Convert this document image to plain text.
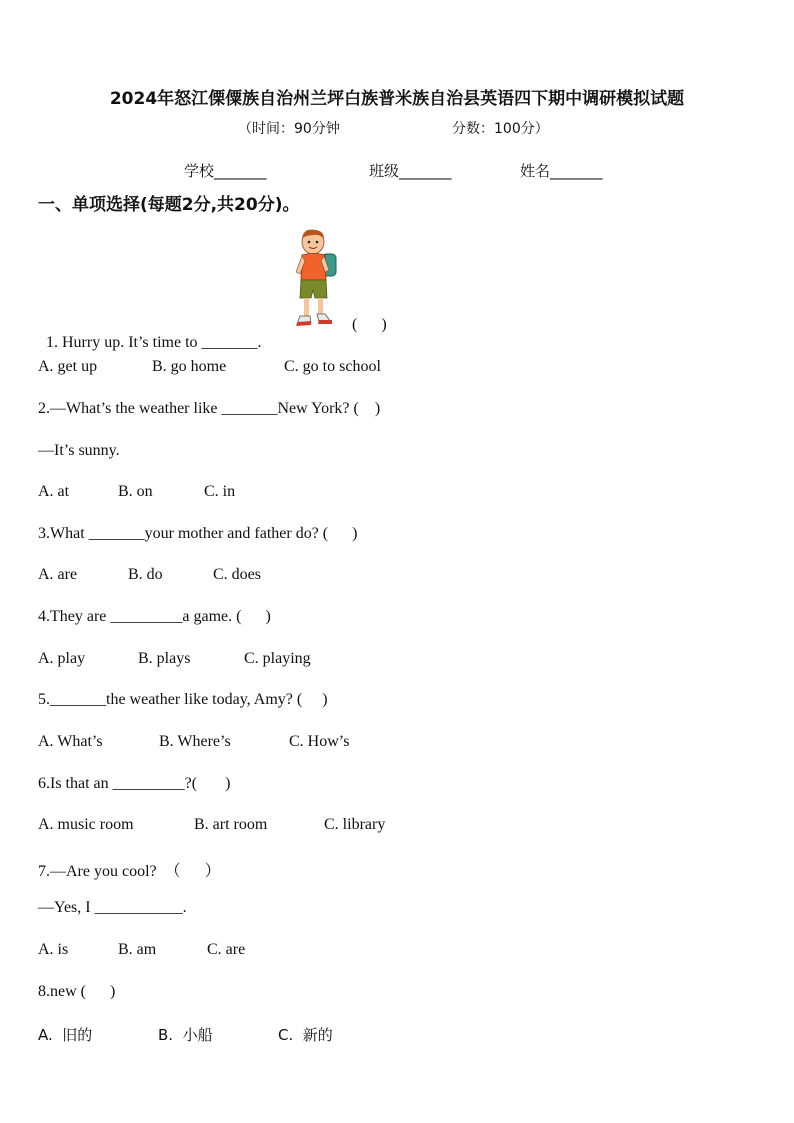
2024年怒江傈僳族自治州兰坪白族普米族自治县英语四下期中调研模拟试题
（时间：90分钟	分数：100分）
学校_______	班级_______	姓名_______
一、单项选择(每题2分,共20分)。

1. Hurry up. It’s time to _______.

(      )
A. get up	B. go home	C. go to school
2.—What’s the weather like _______New York? (    )
—It’s sunny.
A. at	B. on	C. in
3.What _______your mother and father do? (      )
A. are	B. do	C. does
4.They are _________a game. (      )
A. play	B. plays	C. playing
5._______the weather like today, Amy? (     )
A. What’s	B. Where’s	C. How’s
6.Is that an _________?(       )
A. music room	B. art room	C. library
7.—Are you cool?  （      ）
—Yes, I ___________.
A. is	B. am	C. are
8.new (      )
A.  旧的	B.  小船	C.  新的
